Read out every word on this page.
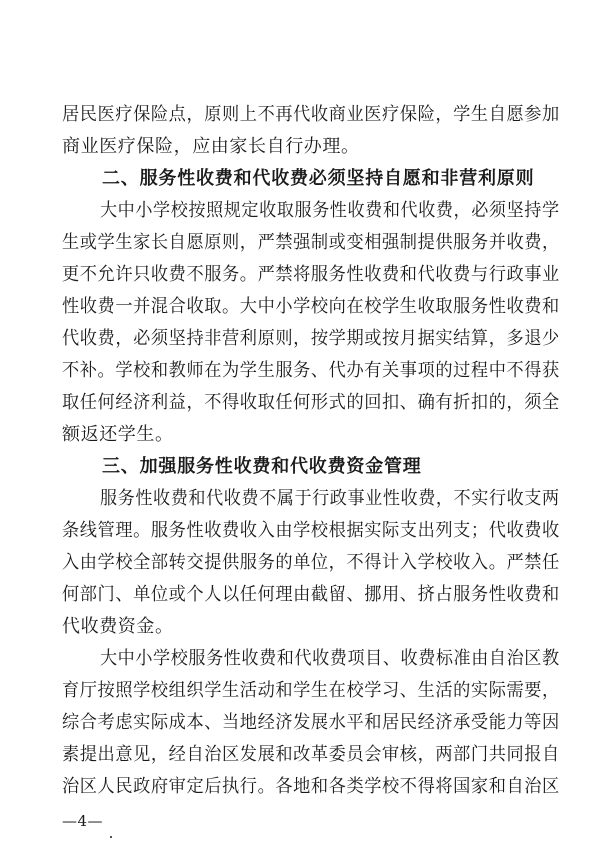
居民医疗保险点，原则上不再代收商业医疗保险，学生自愿参加
商业医疗保险，应由家长自行办理。
二、服务性收费和代收费必须坚持自愿和非营利原则
大中小学校按照规定收取服务性收费和代收费，必须坚持学
生或学生家长自愿原则，严禁强制或变相强制提供服务并收费，
更不允许只收费不服务。严禁将服务性收费和代收费与行政事业
性收费一并混合收取。大中小学校向在校学生收取服务性收费和
代收费，必须坚持非营利原则，按学期或按月据实结算，多退少
不补。学校和教师在为学生服务、代办有关事项的过程中不得获
取任何经济利益，不得收取任何形式的回扣、确有折扣的，须全
额返还学生。
三、加强服务性收费和代收费资金管理
服务性收费和代收费不属于行政事业性收费，不实行收支两
条线管理。服务性收费收入由学校根据实际支出列支；代收费收
入由学校全部转交提供服务的单位，不得计入学校收入。严禁任
何部门、单位或个人以任何理由截留、挪用、挤占服务性收费和
代收费资金。
大中小学校服务性收费和代收费项目、收费标准由自治区教
育厅按照学校组织学生活动和学生在校学习、生活的实际需要，
综合考虑实际成本、当地经济发展水平和居民经济承受能力等因
素提出意见，经自治区发展和改革委员会审核，两部门共同报自
治区人民政府审定后执行。各地和各类学校不得将国家和自治区
—4—
